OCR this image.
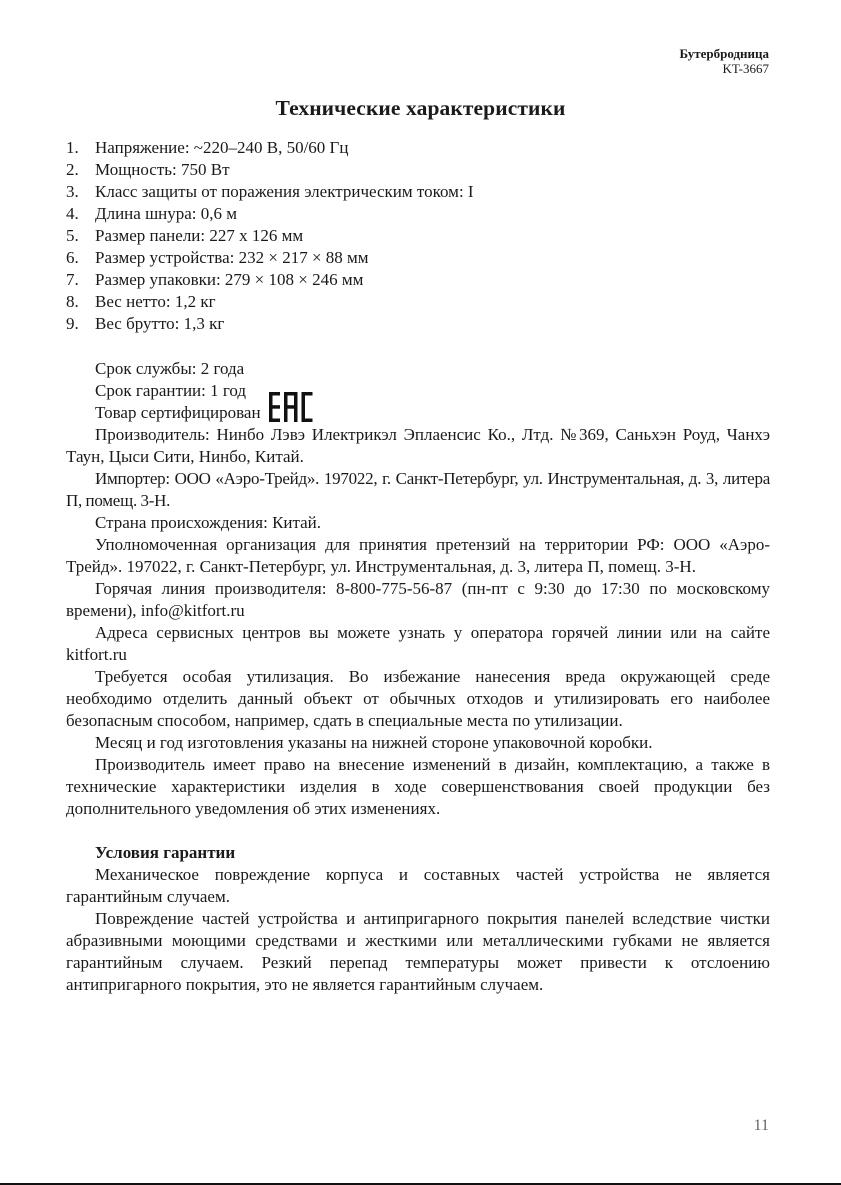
Бутербродница
KT-3667
Технические характеристики
1. Напряжение: ~220–240 В, 50/60 Гц
2. Мощность: 750 Вт
3. Класс защиты от поражения электрическим током: I
4. Длина шнура: 0,6 м
5. Размер панели: 227 х 126 мм
6. Размер устройства: 232 × 217 × 88 мм
7. Размер упаковки: 279 × 108 × 246 мм
8. Вес нетто: 1,2 кг
9. Вес брутто: 1,3 кг
Срок службы: 2 года
Срок гарантии: 1 год
Товар сертифицирован

Производитель: Нинбо Лэвэ Илектрикэл Эплаенсис Ко., Лтд. №369, Саньхэн Роуд, Чанхэ Таун, Цыси Сити, Нинбо, Китай.

Импортер: ООО «Аэро-Трейд». 197022, г. Санкт-Петербург, ул. Инструментальная, д. 3, литера П, помещ. 3-Н.

Страна происхождения: Китай.

Уполномоченная организация для принятия претензий на территории РФ: ООО «Аэро-Трейд». 197022, г. Санкт-Петербург, ул. Инструментальная, д. 3, литера П, помещ. 3-Н.

Горячая линия производителя: 8-800-775-56-87 (пн-пт с 9:30 до 17:30 по московскому времени), info@kitfort.ru

Адреса сервисных центров вы можете узнать у оператора горячей линии или на сайте kitfort.ru

Требуется особая утилизация. Во избежание нанесения вреда окружающей среде необходимо отделить данный объект от обычных отходов и утилизировать его наиболее безопасным способом, например, сдать в специальные места по утилизации.

Месяц и год изготовления указаны на нижней стороне упаковочной коробки.

Производитель имеет право на внесение изменений в дизайн, комплектацию, а также в технические характеристики изделия в ходе совершенствования своей продукции без дополнительного уведомления об этих изменениях.

Условия гарантии

Механическое повреждение корпуса и составных частей устройства не является гарантийным случаем.

Повреждение частей устройства и антипригарного покрытия панелей вследствие чистки абразивными моющими средствами и жесткими или металлическими губками не является гарантийным случаем. Резкий перепад температуры может привести к отслоению антипригарного покрытия, это не является гарантийным случаем.

11
